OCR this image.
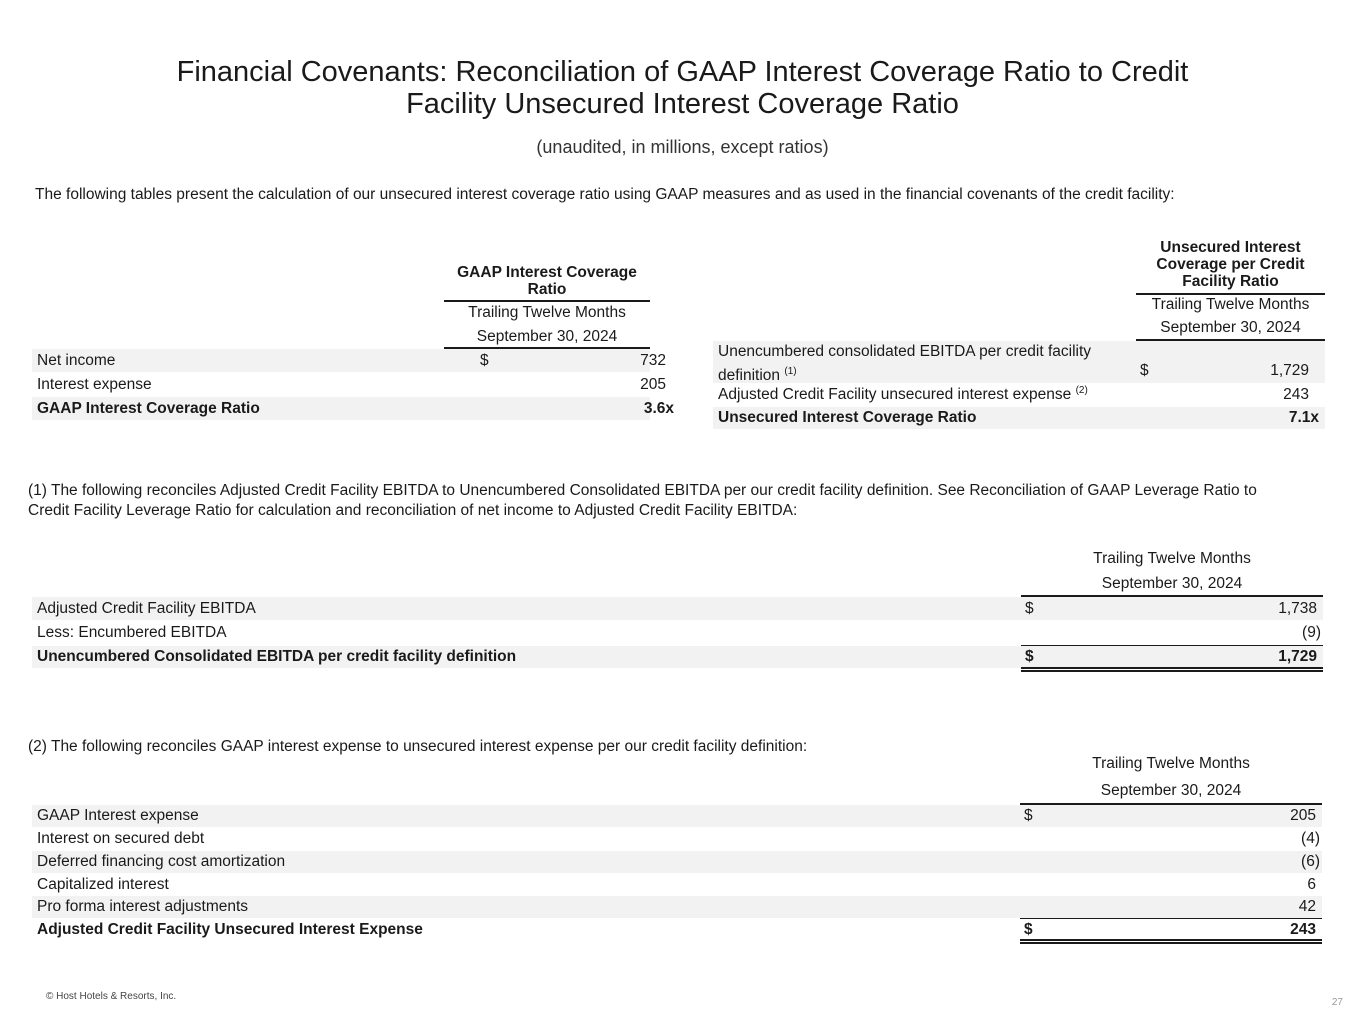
Financial Covenants: Reconciliation of GAAP Interest Coverage Ratio to Credit
Facility Unsecured Interest Coverage Ratio
(unaudited, in millions, except ratios)
The following tables present the calculation of our unsecured interest coverage ratio using GAAP measures and as used in the financial covenants of the credit facility:
GAAP Interest Coverage Ratio
Trailing Twelve Months
September 30, 2024
Net income	$	732
Interest expense	205
GAAP Interest Coverage Ratio	3.6x
Unsecured Interest Coverage per Credit Facility Ratio
Trailing Twelve Months
September 30, 2024
Unencumbered consolidated EBITDA per credit facility
definition $^{(1)}$	$	1,729
Adjusted Credit Facility unsecured interest expense $^{(2)}$	243
Unsecured Interest Coverage Ratio	7.1x
(1) The following reconciles Adjusted Credit Facility EBITDA to Unencumbered Consolidated EBITDA per our credit facility definition. See Reconciliation of GAAP Leverage Ratio to Credit Facility Leverage Ratio for calculation and reconciliation of net income to Adjusted Credit Facility EBITDA:
Trailing Twelve Months
September 30, 2024
Adjusted Credit Facility EBITDA	$	1,738
Less: Encumbered EBITDA	(9)
Unencumbered Consolidated EBITDA per credit facility definition	$	1,729
(2) The following reconciles GAAP interest expense to unsecured interest expense per our credit facility definition:
Trailing Twelve Months
September 30, 2024
GAAP Interest expense	$	205
Interest on secured debt	(4)
Deferred financing cost amortization	(6)
Capitalized interest	6
Pro forma interest adjustments	42
Adjusted Credit Facility Unsecured Interest Expense	$	243
© Host Hotels & Resorts, Inc.
27
